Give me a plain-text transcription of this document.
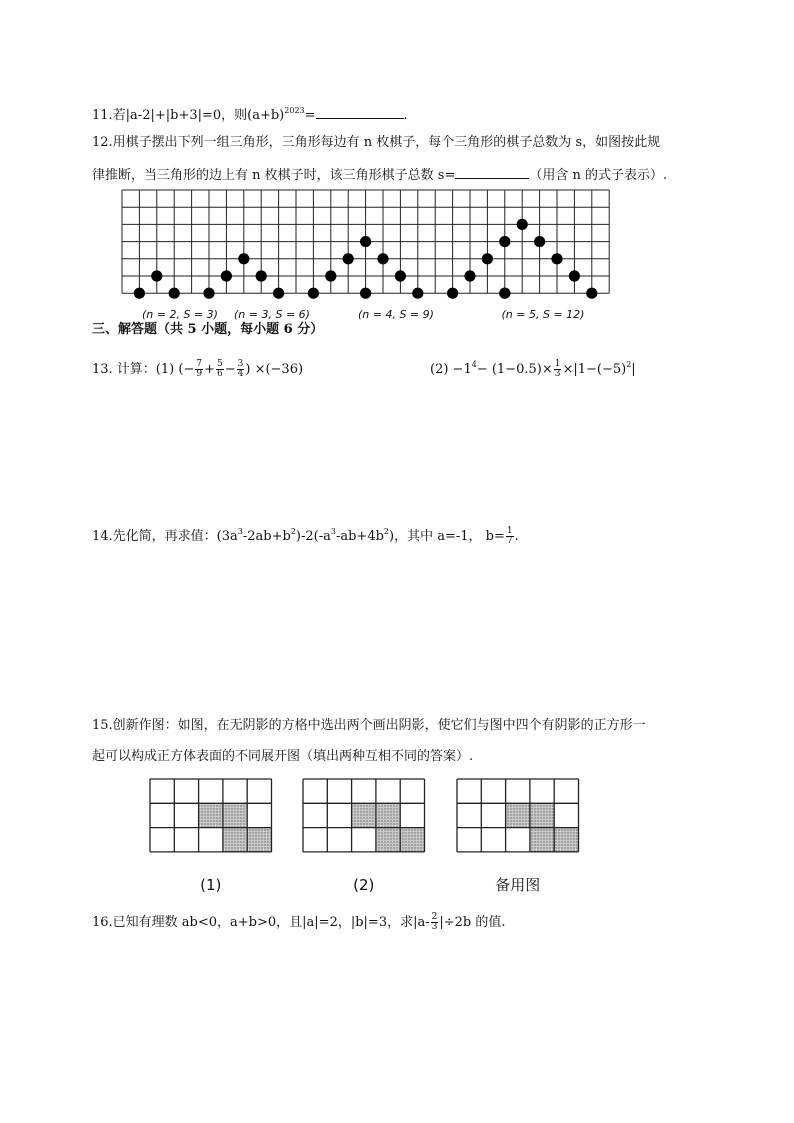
11.若|a-2|+|b+3|=0，则$(a+b)^{2023}=$	.
12.用棋子摆出下列一组三角形，三角形每边有 n 枚棋子，每个三角形的棋子总数为 s，如图按此规
律推断，当三角形的边上有 n 枚棋子时，该三角形棋子总数 s=	（用含 n 的式子表示）.
(n = 2, S = 3) (n = 3, S = 6)	(n = 4, S = 9)	(n = 5, S = 12)
三、解答题（共 5 小题，每小题 6 分）
13. 计算：(1) (− $\frac{7}{9} + \frac{5}{6} - \frac{3}{4}$ ) ×(−36)	$(2) -1^4- (1-0.5)\times \frac{1}{3} \times|1-(-5)^2|$
14.先化简，再求值：$(3a^3-2ab+b^2)-2(-a^3-ab+4b^2)$，其中 a=-1， $b= \frac{1}{7}$ .
15.创新作图：如图，在无阴影的方格中选出两个画出阴影，使它们与图中四个有阴影的正方形一
起可以构成正方体表面的不同展开图（填出两种互相不同的答案）.
(1)	(2)	备用图
16.已知有理数 ab<0，a+b>0，且|a|=2，|b|=3，求$|a- \frac{2}{3} |\div 2b$ 的值.
